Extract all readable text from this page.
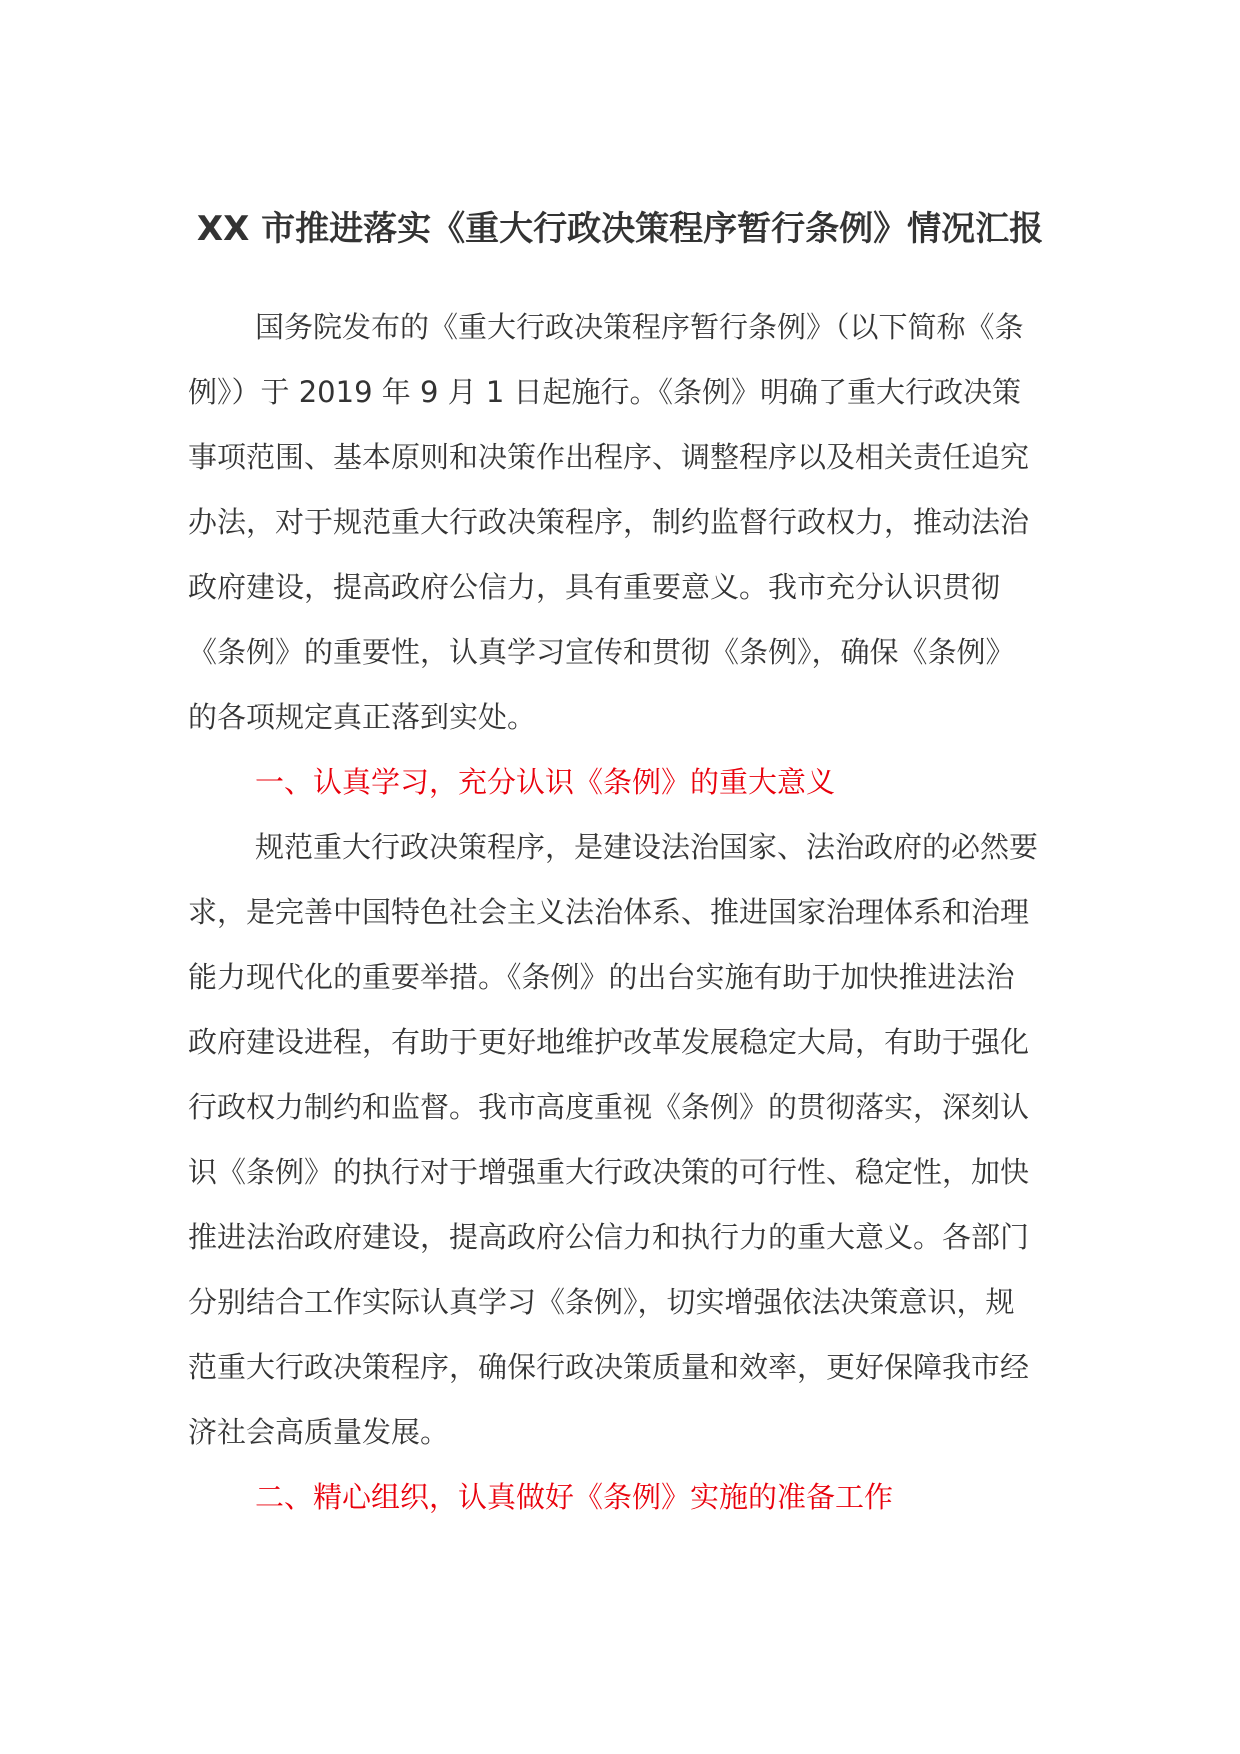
XX 市推进落实《重大行政决策程序暂行条例》情况汇报
国务院发布的《重大行政决策程序暂行条例》（以下简称《条
例》）于 2019 年 9 月 1 日起施行。《条例》明确了重大行政决策
事项范围、基本原则和决策作出程序、调整程序以及相关责任追究
办法，对于规范重大行政决策程序，制约监督行政权力，推动法治
政府建设，提高政府公信力，具有重要意义。我市充分认识贯彻
《条例》的重要性，认真学习宣传和贯彻《条例》，确保《条例》
的各项规定真正落到实处。
一、认真学习，充分认识《条例》的重大意义
规范重大行政决策程序，是建设法治国家、法治政府的必然要
求，是完善中国特色社会主义法治体系、推进国家治理体系和治理
能力现代化的重要举措。《条例》的出台实施有助于加快推进法治
政府建设进程，有助于更好地维护改革发展稳定大局，有助于强化
行政权力制约和监督。我市高度重视《条例》的贯彻落实，深刻认
识《条例》的执行对于增强重大行政决策的可行性、稳定性，加快
推进法治政府建设，提高政府公信力和执行力的重大意义。各部门
分别结合工作实际认真学习《条例》，切实增强依法决策意识，规
范重大行政决策程序，确保行政决策质量和效率，更好保障我市经
济社会高质量发展。
二、精心组织，认真做好《条例》实施的准备工作
